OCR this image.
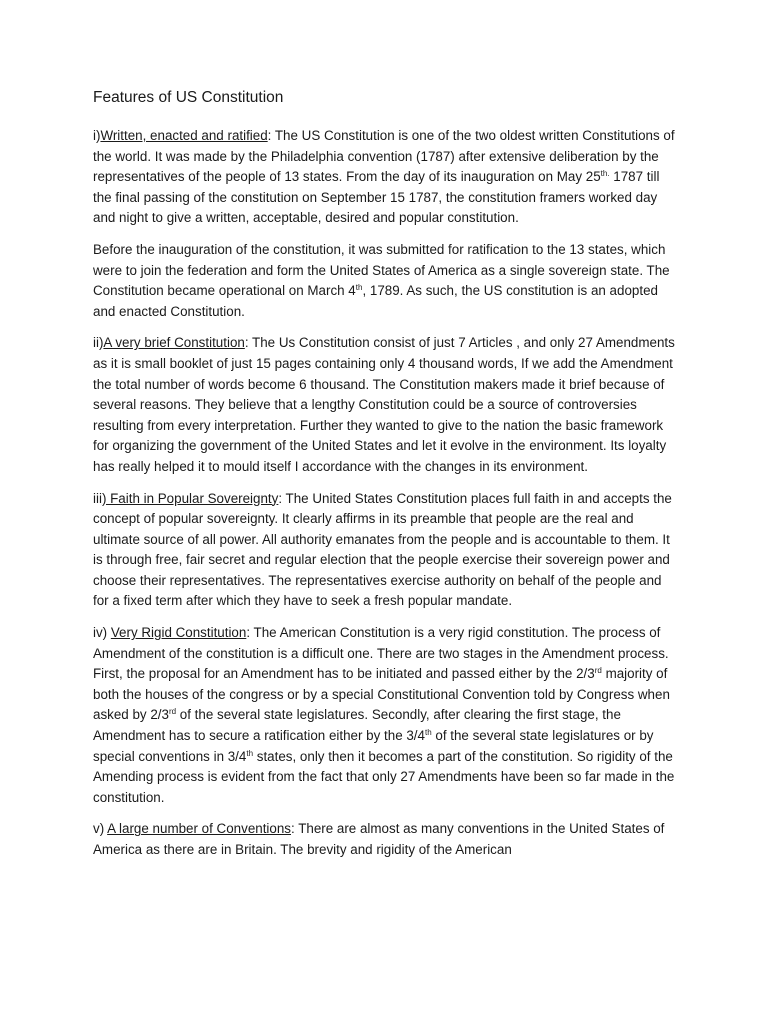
Features of US Constitution

i)Written, enacted and ratified: The US Constitution is one of the two oldest written Constitutions of the world. It was made by the Philadelphia convention (1787) after extensive deliberation by the representatives of the people of 13 states. From the day of its inauguration on May $25^{th.}$ 1787 till the final passing of the constitution on September 15 1787, the constitution framers worked day and night to give a written, acceptable, desired and popular constitution.

Before the inauguration of the constitution, it was submitted for ratification to the 13 states, which were to join the federation and form the United States of America as a single sovereign state. The Constitution became operational on March 4th, 1789. As such, the US constitution is an adopted and enacted Constitution.

ii)A very brief Constitution: The Us Constitution consist of just 7 Articles , and only 27 Amendments as it is small booklet of just 15 pages containing only 4 thousand words, If we add the Amendment the total number of words become 6 thousand. The Constitution makers made it brief because of several reasons. They believe that a lengthy Constitution could be a source of controversies resulting from every interpretation. Further they wanted to give to the nation the basic framework for organizing the government of the United States and let it evolve in the environment. Its loyalty has really helped it to mould itself I accordance with the changes in its environment.

iii) Faith in Popular Sovereignty: The United States Constitution places full faith in and accepts the concept of popular sovereignty. It clearly affirms in its preamble that people are the real and ultimate source of all power. All authority emanates from the people and is accountable to them. It is through free, fair secret and regular election that the people exercise their sovereign power and choose their representatives. The representatives exercise authority on behalf of the people and for a fixed term after which they have to seek a fresh popular mandate.

iv) Very Rigid Constitution: The American Constitution is a very rigid constitution. The process of Amendment of the constitution is a difficult one. There are two stages in the Amendment process. First, the proposal for an Amendment has to be initiated and passed either by the 2/3rd majority of both the houses of the congress or by a special Constitutional Convention told by Congress when asked by 2/3rd of the several state legislatures. Secondly, after clearing the first stage, the Amendment has to secure a ratification either by the 3/4th of the several state legislatures or by special conventions in 3/4th states, only then it becomes a part of the constitution. So rigidity of the Amending process is evident from the fact that only 27 Amendments have been so far made in the constitution.

v) A large number of Conventions: There are almost as many conventions in the United States of America as there are in Britain. The brevity and rigidity of the American
